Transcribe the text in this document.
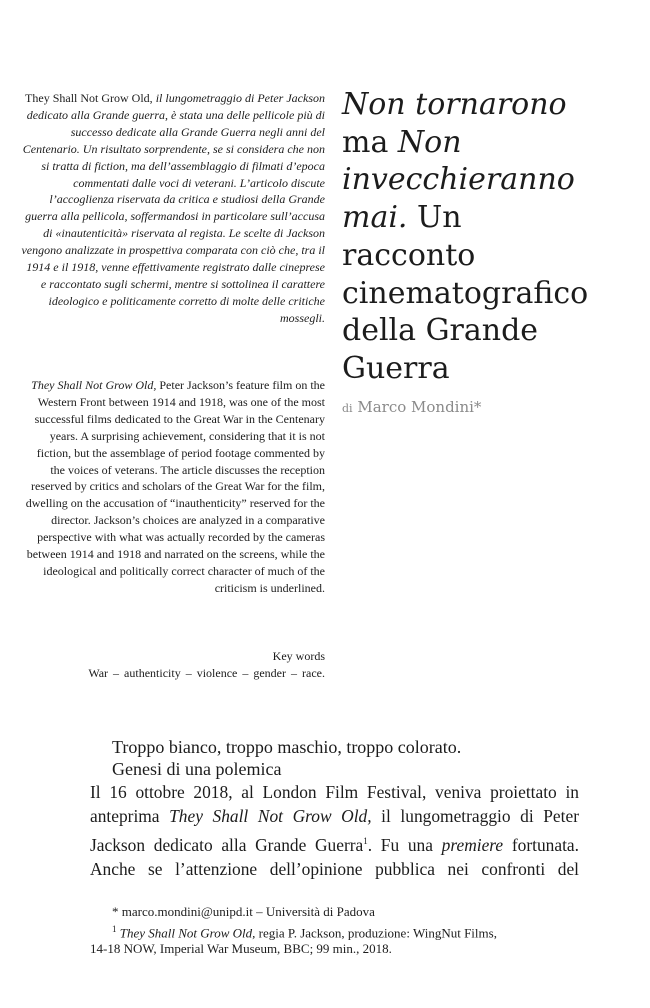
They Shall Not Grow Old, il lungometraggio di Peter Jackson dedicato alla Grande guerra, è stata una delle pellicole più di successo dedicate alla Grande Guerra negli anni del Centenario. Un risultato sorprendente, se si considera che non si tratta di fiction, ma dell’assemblaggio di filmati d’epoca commentati dalle voci di veterani. L’articolo discute l’accoglienza riservata da critica e studiosi della Grande guerra alla pellicola, soffermandosi in particolare sull’accusa di «inautenticità» riservata al regista. Le scelte di Jackson vengono analizzate in prospettiva comparata con ciò che, tra il 1914 e il 1918, venne effettivamente registrato dalle cineprese e raccontato sugli schermi, mentre si sottolinea il carattere ideologico e politicamente corretto di molte delle critiche mossegli.

They Shall Not Grow Old, Peter Jackson’s feature film on the Western Front between 1914 and 1918, was one of the most successful films dedicated to the Great War in the Centenary years. A surprising achievement, considering that it is not fiction, but the assemblage of period footage commented by the voices of veterans. The article discusses the reception reserved by critics and scholars of the Great War for the film, dwelling on the accusation of “inauthenticity” reserved for the director. Jackson’s choices are analyzed in a comparative perspective with what was actually recorded by the cameras between 1914 and 1918 and narrated on the screens, while the ideological and politically correct character of much of the criticism is underlined.

Key words

War – authenticity – violence – gender – race.

Non tornarono
ma Non
invecchieranno
mai. Un
racconto
cinematografico
della Grande
Guerra
di Marco Mondini*
Troppo bianco, troppo maschio, troppo colorato.
Genesi di una polemica
Il 16 ottobre 2018, al London Film Festival, veniva proiettato in
anteprima They Shall Not Grow Old, il lungometraggio di Peter
Jackson dedicato alla Grande Guerra$^1$. Fu una premiere fortunata.
Anche se l’attenzione dell’opinione pubblica nei confronti del

* marco.mondini@unipd.it – Università di Padova

$^1$ They Shall Not Grow Old, regia P. Jackson, produzione: WingNut Films,

14-18 NOW, Imperial War Museum, BBC; 99 min., 2018.
